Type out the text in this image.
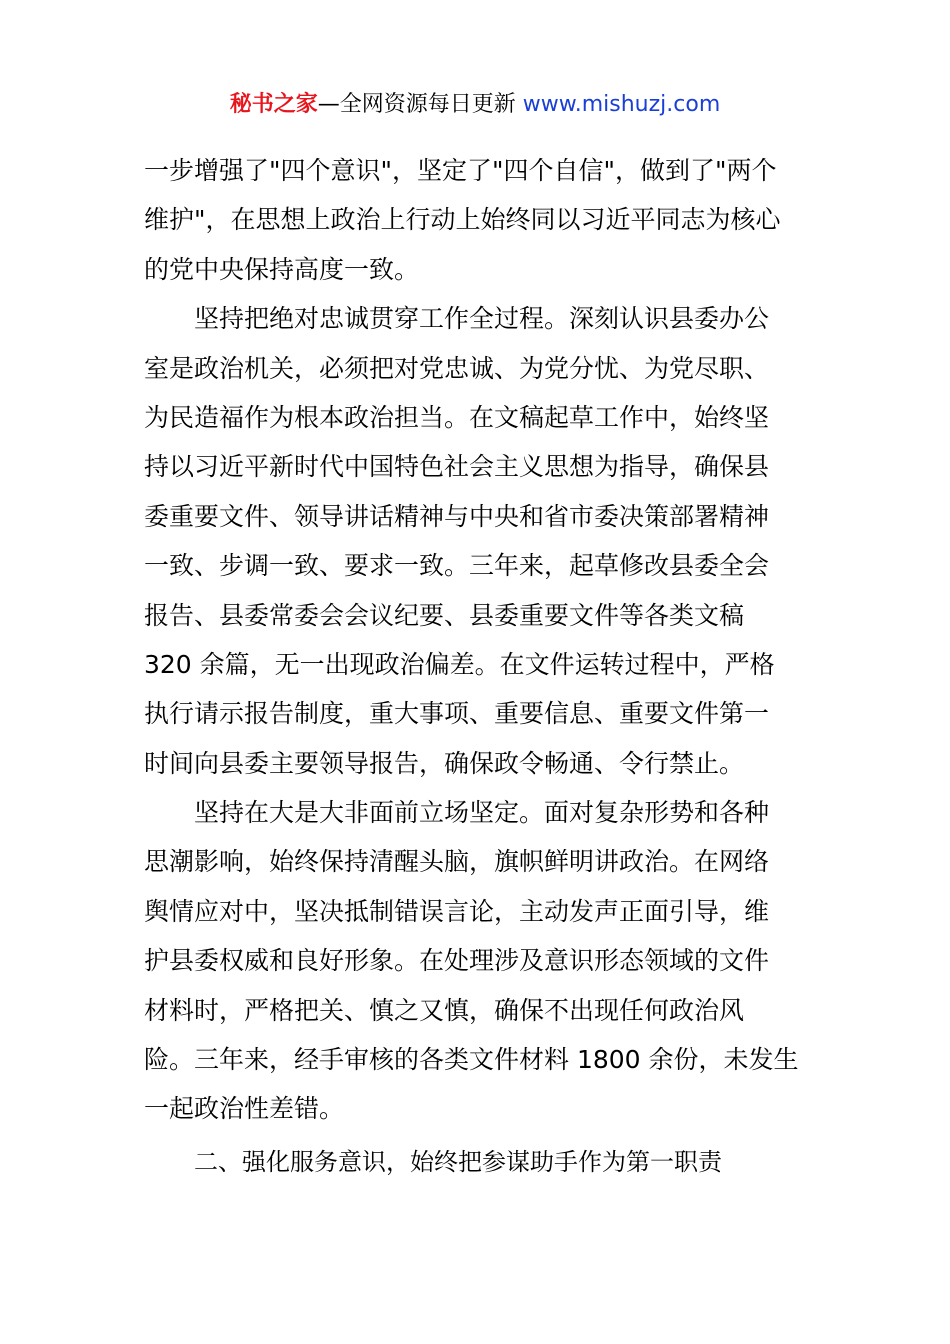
秘书之家—全网资源每日更新 www.mishuzj.com
一步增强了"四个意识"，坚定了"四个自信"，做到了"两个
维护"，在思想上政治上行动上始终同以习近平同志为核心
的党中央保持高度一致。
坚持把绝对忠诚贯穿工作全过程。深刻认识县委办公
室是政治机关，必须把对党忠诚、为党分忧、为党尽职、
为民造福作为根本政治担当。在文稿起草工作中，始终坚
持以习近平新时代中国特色社会主义思想为指导，确保县
委重要文件、领导讲话精神与中央和省市委决策部署精神
一致、步调一致、要求一致。三年来，起草修改县委全会
报告、县委常委会会议纪要、县委重要文件等各类文稿
320 余篇，无一出现政治偏差。在文件运转过程中，严格
执行请示报告制度，重大事项、重要信息、重要文件第一
时间向县委主要领导报告，确保政令畅通、令行禁止。
坚持在大是大非面前立场坚定。面对复杂形势和各种
思潮影响，始终保持清醒头脑，旗帜鲜明讲政治。在网络
舆情应对中，坚决抵制错误言论，主动发声正面引导，维
护县委权威和良好形象。在处理涉及意识形态领域的文件
材料时，严格把关、慎之又慎，确保不出现任何政治风
险。三年来，经手审核的各类文件材料 1800 余份，未发生
一起政治性差错。
二、强化服务意识，始终把参谋助手作为第一职责
